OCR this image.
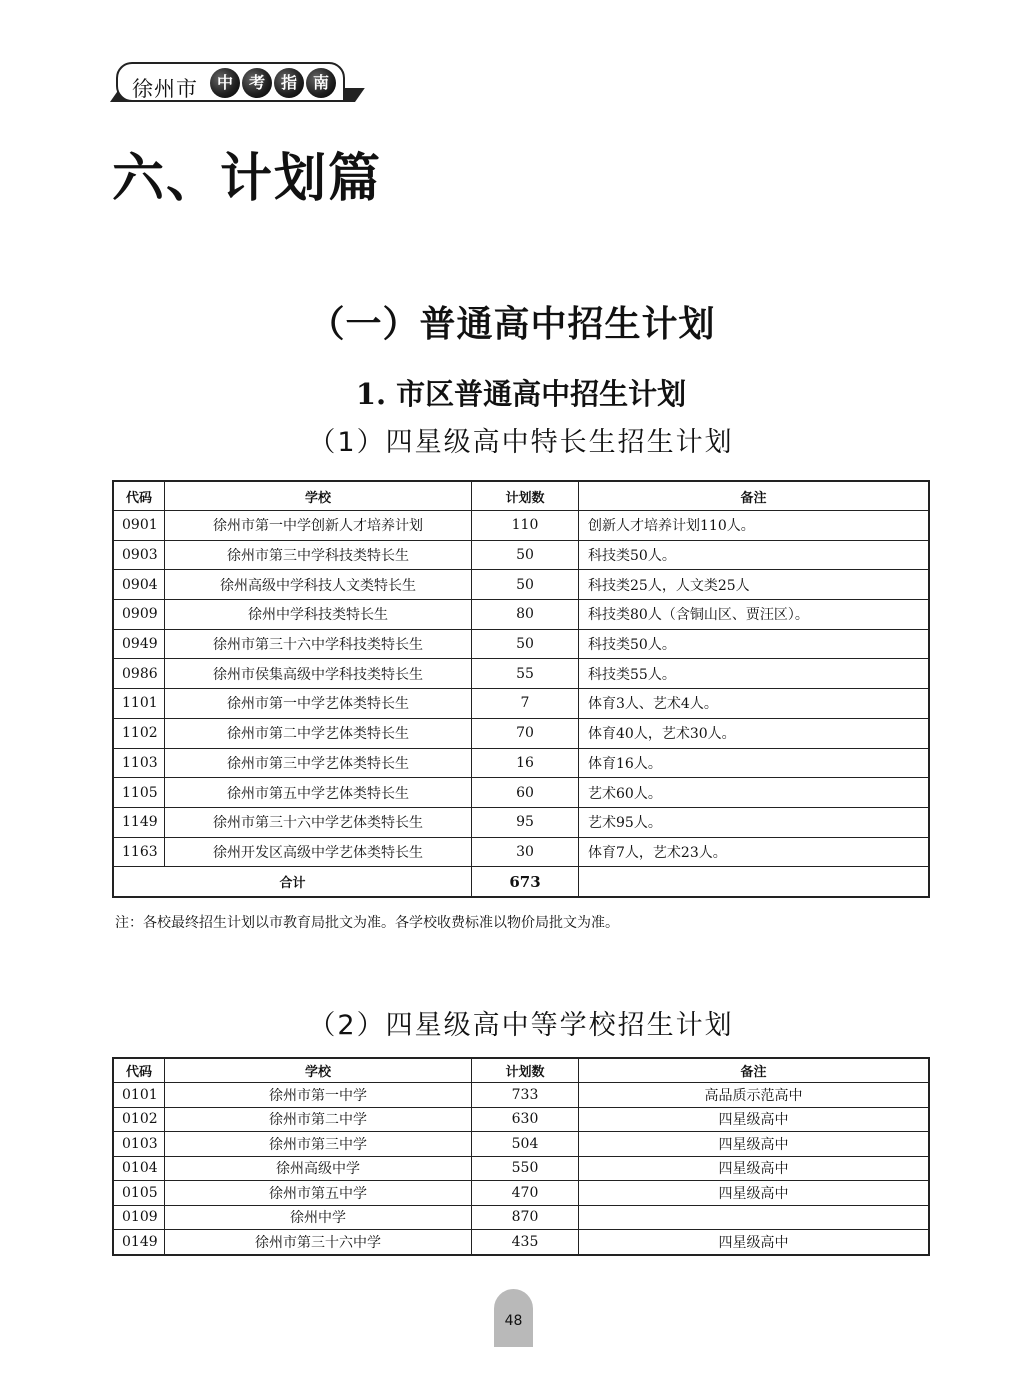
徐州市	中 考 指 南
六、计划篇
（一）普通高中招生计划
1. 市区普通高中招生计划
（1）四星级高中特长生招生计划
代码	学校	计划数	备注
0901	徐州市第一中学创新人才培养计划	110	创新人才培养计划110人。
0903	徐州市第三中学科技类特长生	50	科技类50人。
0904	徐州高级中学科技人文类特长生	50	科技类25人，人文类25人
0909	徐州中学科技类特长生	80	科技类80人（含铜山区、贾汪区）。
0949	徐州市第三十六中学科技类特长生	50	科技类50人。
0986	徐州市侯集高级中学科技类特长生	55	科技类55人。
1101	徐州市第一中学艺体类特长生	7	体育3人、艺术4人。
1102	徐州市第二中学艺体类特长生	70	体育40人，艺术30人。
1103	徐州市第三中学艺体类特长生	16	体育16人。
1105	徐州市第五中学艺体类特长生	60	艺术60人。
1149	徐州市第三十六中学艺体类特长生	95	艺术95人。
1163	徐州开发区高级中学艺体类特长生	30	体育7人，艺术23人。
合计		673	
注：各校最终招生计划以市教育局批文为准。各学校收费标准以物价局批文为准。
（2）四星级高中等学校招生计划
代码	学校	计划数	备注
0101	徐州市第一中学	733	高品质示范高中
0102	徐州市第二中学	630	四星级高中
0103	徐州市第三中学	504	四星级高中
0104	徐州高级中学	550	四星级高中
0105	徐州市第五中学	470	四星级高中
0109	徐州中学	870	
0149	徐州市第三十六中学	435	四星级高中
48
